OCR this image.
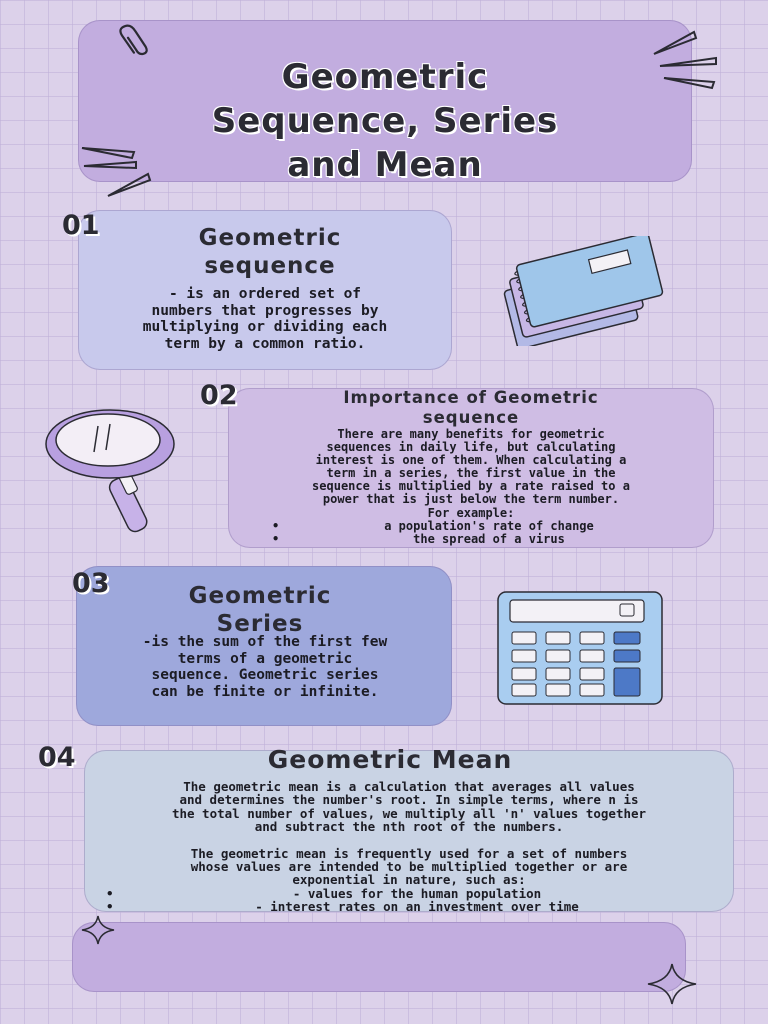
Geometric
Sequence, Series
and Mean
01	Geometric
sequence

- is an ordered set of

numbers that progresses by

multiplying or dividing each

term by a common ratio.

02	Importance of Geometric
sequence

There are many benefits for geometric

sequences in daily life, but calculating

interest is one of them. When calculating a

term in a series, the first value in the

sequence is multiplied by a rate raised to a

power that is just below the term number.

For example:

• a population's rate of change
• the spread of a virus
03	Geometric
Series

-is the sum of the first few

terms of a geometric

sequence. Geometric series

can be finite or infinite.

04	Geometric Mean

The geometric mean is a calculation that averages all values

and determines the number's root. In simple terms, where n is

the total number of values, we multiply all 'n' values together

and subtract the nth root of the numbers.

The geometric mean is frequently used for a set of numbers

whose values are intended to be multiplied together or are

exponential in nature, such as:

• - values for the human population
• - interest rates on an investment over time
